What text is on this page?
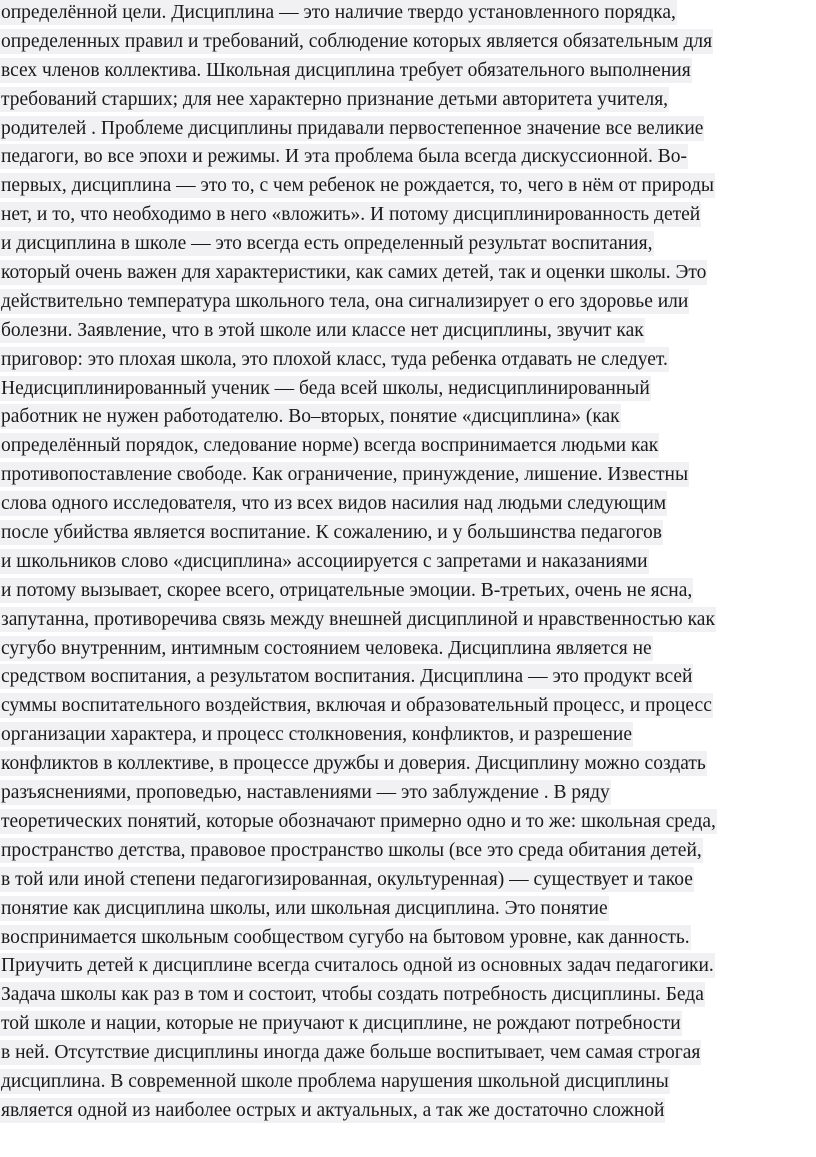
определённой цели. Дисциплина — это наличие твердо установленного порядка,
определенных правил и требований, соблюдение которых является обязательным для
всех членов коллектива. Школьная дисциплина требует обязательного выполнения
требований старших; для нее характерно признание детьми авторитета учителя,
родителей . Проблеме дисциплины придавали первостепенное значение все великие
педагоги, во все эпохи и режимы. И эта проблема была всегда дискуссионной. Во-
первых, дисциплина — это то, с чем ребенок не рождается, то, чего в нём от природы
нет, и то, что необходимо в него «вложить». И потому дисциплинированность детей
и дисциплина в школе — это всегда есть определенный результат воспитания,
который очень важен для характеристики, как самих детей, так и оценки школы. Это
действительно температура школьного тела, она сигнализирует о его здоровье или
болезни. Заявление, что в этой школе или классе нет дисциплины, звучит как
приговор: это плохая школа, это плохой класс, туда ребенка отдавать не следует.
Недисциплинированный ученик — беда всей школы, недисциплинированный
работник не нужен работодателю. Во–вторых, понятие «дисциплина» (как
определённый порядок, следование норме) всегда воспринимается людьми как
противопоставление свободе. Как ограничение, принуждение, лишение. Известны
слова одного исследователя, что из всех видов насилия над людьми следующим
после убийства является воспитание. К сожалению, и у большинства педагогов
и школьников слово «дисциплина» ассоциируется с запретами и наказаниями
и потому вызывает, скорее всего, отрицательные эмоции. В-третьих, очень не ясна,
запутанна, противоречива связь между внешней дисциплиной и нравственностью как
сугубо внутренним, интимным состоянием человека. Дисциплина является не
средством воспитания, а результатом воспитания. Дисциплина — это продукт всей
суммы воспитательного воздействия, включая и образовательный процесс, и процесс
организации характера, и процесс столкновения, конфликтов, и разрешение
конфликтов в коллективе, в процессе дружбы и доверия. Дисциплину можно создать
разъяснениями, проповедью, наставлениями — это заблуждение . В ряду
теоретических понятий, которые обозначают примерно одно и то же: школьная среда,
пространство детства, правовое пространство школы (все это среда обитания детей,
в той или иной степени педагогизированная, окультуренная) — существует и такое
понятие как дисциплина школы, или школьная дисциплина. Это понятие
воспринимается школьным сообществом сугубо на бытовом уровне, как данность.
Приучить детей к дисциплине всегда считалось одной из основных задач педагогики.
Задача школы как раз в том и состоит, чтобы создать потребность дисциплины. Беда
той школе и нации, которые не приучают к дисциплине, не рождают потребности
в ней. Отсутствие дисциплины иногда даже больше воспитывает, чем самая строгая
дисциплина. В современной школе проблема нарушения школьной дисциплины
является одной из наиболее острых и актуальных, а так же достаточно сложной
